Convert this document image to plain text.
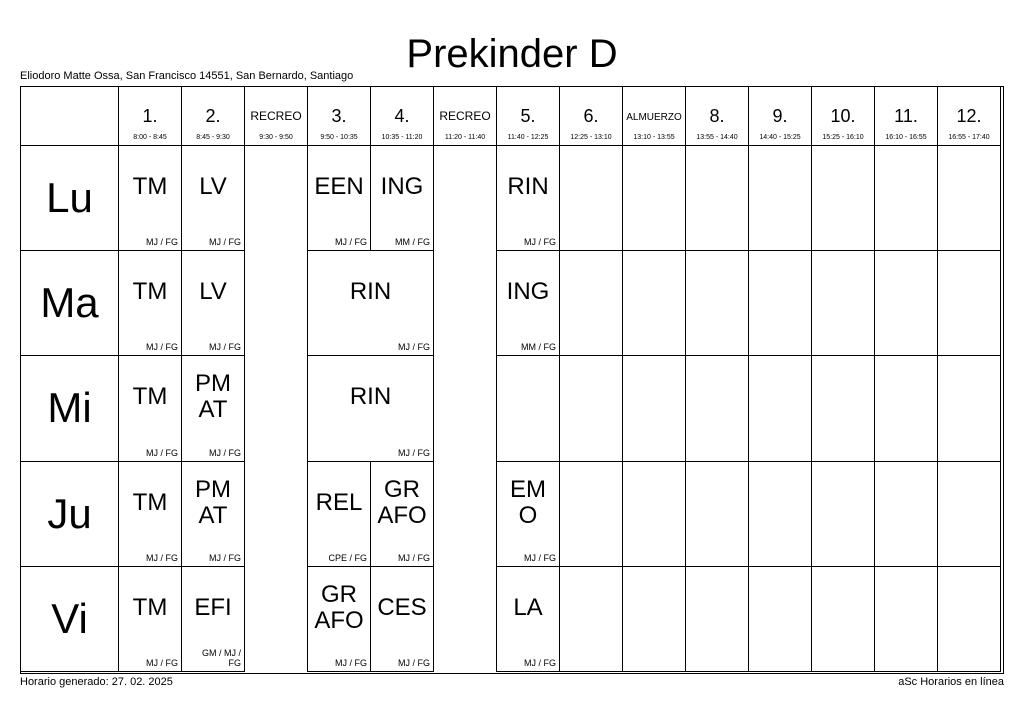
Prekinder D
Eliodoro Matte Ossa, San Francisco 14551, San Bernardo, Santiago
1.
8:00 - 8:45
2.
8:45 - 9:30
RECREO
9:30 - 9:50
3.
9:50 - 10:35
4.
10:35 - 11:20
RECREO
11:20 - 11:40
5.
11:40 - 12:25
6.
12:25 - 13:10
ALMUERZO
13:10 - 13:55
8.
13:55 - 14:40
9.
14:40 - 15:25
10.
15:25 - 16:10
11.
16:10 - 16:55
12.
16:55 - 17:40
Lu
Ma
Mi
Ju
Vi
TM
MJ / FG
LV
MJ / FG
EEN
MJ / FG
ING
MM / FG
RIN
MJ / FG
TM
MJ / FG
LV
MJ / FG
RIN
MJ / FG
ING
MM / FG
TM
MJ / FG
PM
AT
MJ / FG
RIN
MJ / FG
TM
MJ / FG
PM
AT
MJ / FG
REL
CPE / FG
GR
AFO
MJ / FG
EM
O
MJ / FG
TM
MJ / FG
EFI
GM / MJ /
FG
GR
AFO
MJ / FG
CES
MJ / FG
LA
MJ / FG
Horario generado: 27. 02. 2025	aSc Horarios en línea
